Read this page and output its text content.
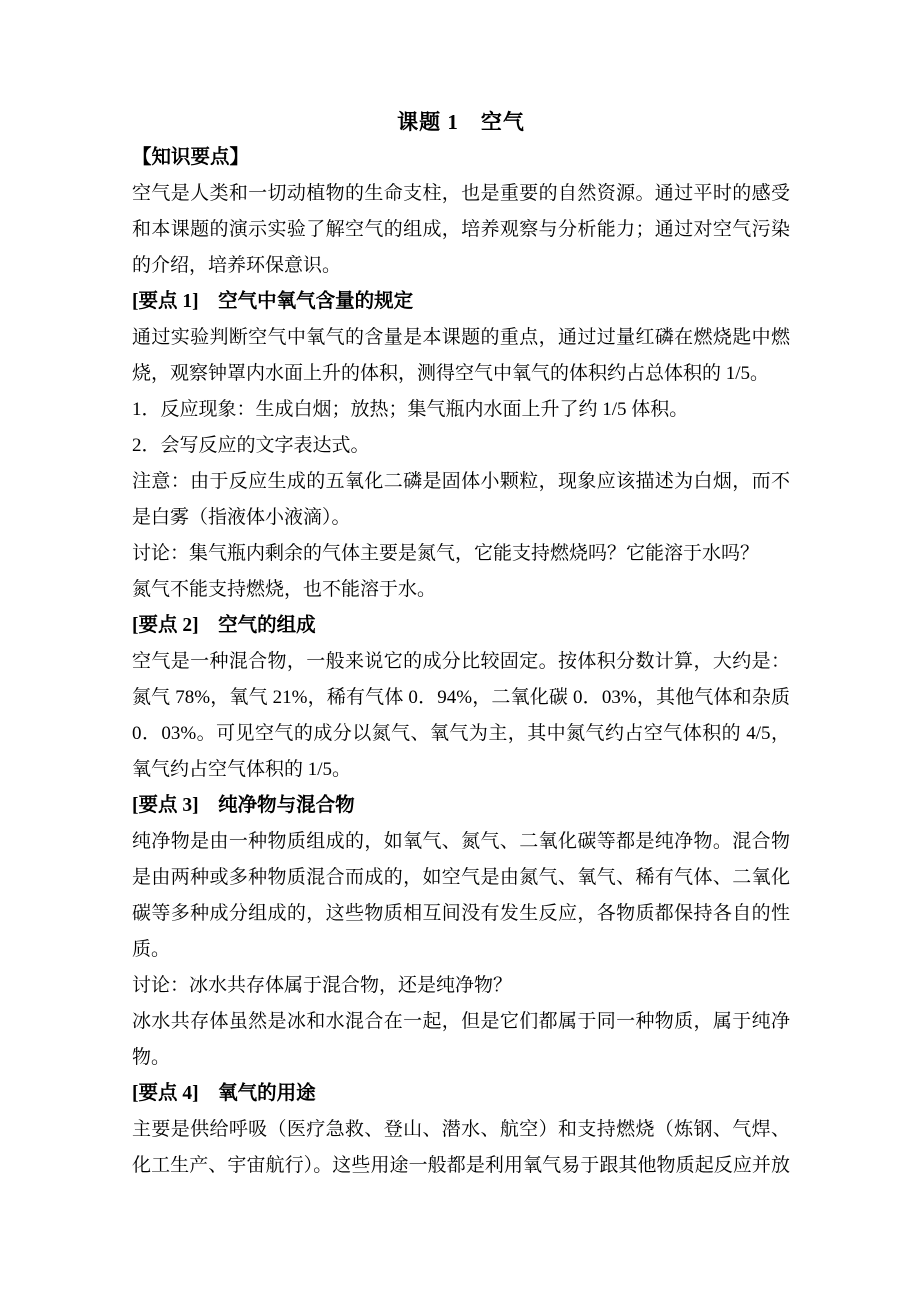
课题 1　空气
【知识要点】
空气是人类和一切动植物的生命支柱，也是重要的自然资源。通过平时的感受
和本课题的演示实验了解空气的组成，培养观察与分析能力；通过对空气污染
的介绍，培养环保意识。
[要点 1]　空气中氧气含量的规定
通过实验判断空气中氧气的含量是本课题的重点，通过过量红磷在燃烧匙中燃
烧，观察钟罩内水面上升的体积，测得空气中氧气的体积约占总体积的 1/5。
1．反应现象：生成白烟；放热；集气瓶内水面上升了约 1/5 体积。
2．会写反应的文字表达式。
注意：由于反应生成的五氧化二磷是固体小颗粒，现象应该描述为白烟，而不
是白雾（指液体小液滴）。
讨论：集气瓶内剩余的气体主要是氮气，它能支持燃烧吗？它能溶于水吗？
氮气不能支持燃烧，也不能溶于水。
[要点 2]　空气的组成
空气是一种混合物，一般来说它的成分比较固定。按体积分数计算，大约是：
氮气 78%，氧气 21%，稀有气体 0．94%，二氧化碳 0．03%，其他气体和杂质
0．03%。可见空气的成分以氮气、氧气为主，其中氮气约占空气体积的 4/5，
氧气约占空气体积的 1/5。
[要点 3]　纯净物与混合物
纯净物是由一种物质组成的，如氧气、氮气、二氧化碳等都是纯净物。混合物
是由两种或多种物质混合而成的，如空气是由氮气、氧气、稀有气体、二氧化
碳等多种成分组成的，这些物质相互间没有发生反应，各物质都保持各自的性
质。
讨论：冰水共存体属于混合物，还是纯净物？
冰水共存体虽然是冰和水混合在一起，但是它们都属于同一种物质，属于纯净
物。
[要点 4]　氧气的用途
主要是供给呼吸（医疗急救、登山、潜水、航空）和支持燃烧（炼钢、气焊、
化工生产、宇宙航行）。这些用途一般都是利用氧气易于跟其他物质起反应并放
